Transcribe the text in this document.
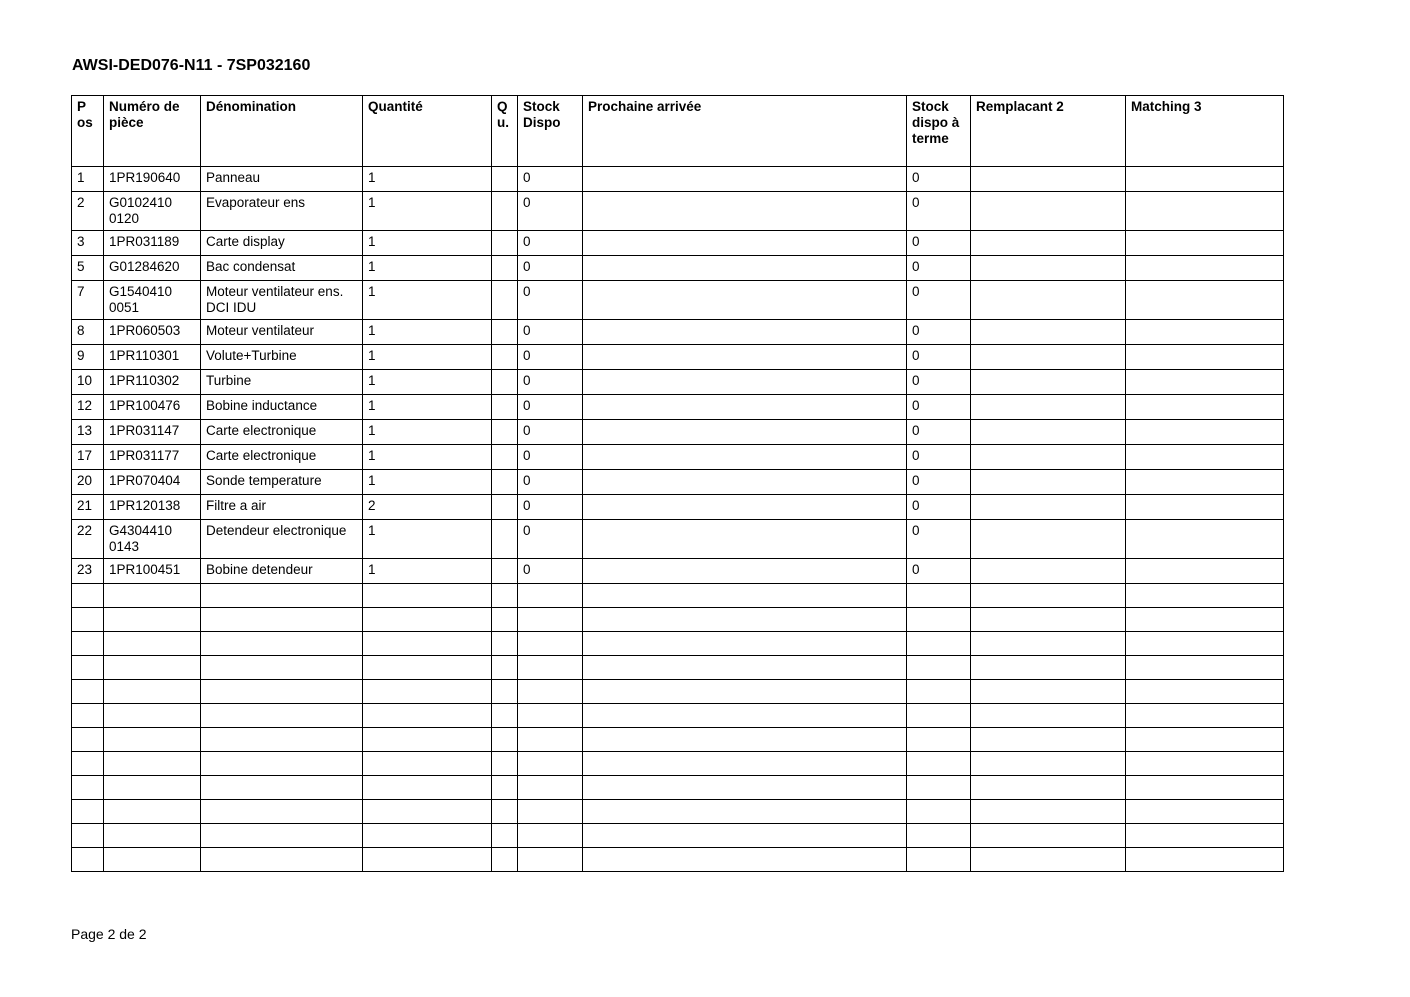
AWSI-DED076-N11 - 7SP032160
P os	Numéro de pièce	Dénomination	Quantité	Q u.	Stock Dispo	Prochaine arrivée	Stock dispo à terme	Remplacant 2	Matching 3
1	1PR190640	Panneau	1		0		0		
2	G0102410 0120	Evaporateur ens	1		0		0		
3	1PR031189	Carte display	1		0		0		
5	G01284620	Bac condensat	1		0		0		
7	G1540410 0051	Moteur ventilateur ens. DCI IDU	1		0		0		
8	1PR060503	Moteur ventilateur	1		0		0		
9	1PR110301	Volute+Turbine	1		0		0		
10	1PR110302	Turbine	1		0		0		
12	1PR100476	Bobine inductance	1		0		0		
13	1PR031147	Carte electronique	1		0		0		
17	1PR031177	Carte electronique	1		0		0		
20	1PR070404	Sonde temperature	1		0		0		
21	1PR120138	Filtre a air	2		0		0		
22	G4304410 0143	Detendeur electronique	1		0		0		
23	1PR100451	Bobine detendeur	1		0		0		

Page 2 de 2
